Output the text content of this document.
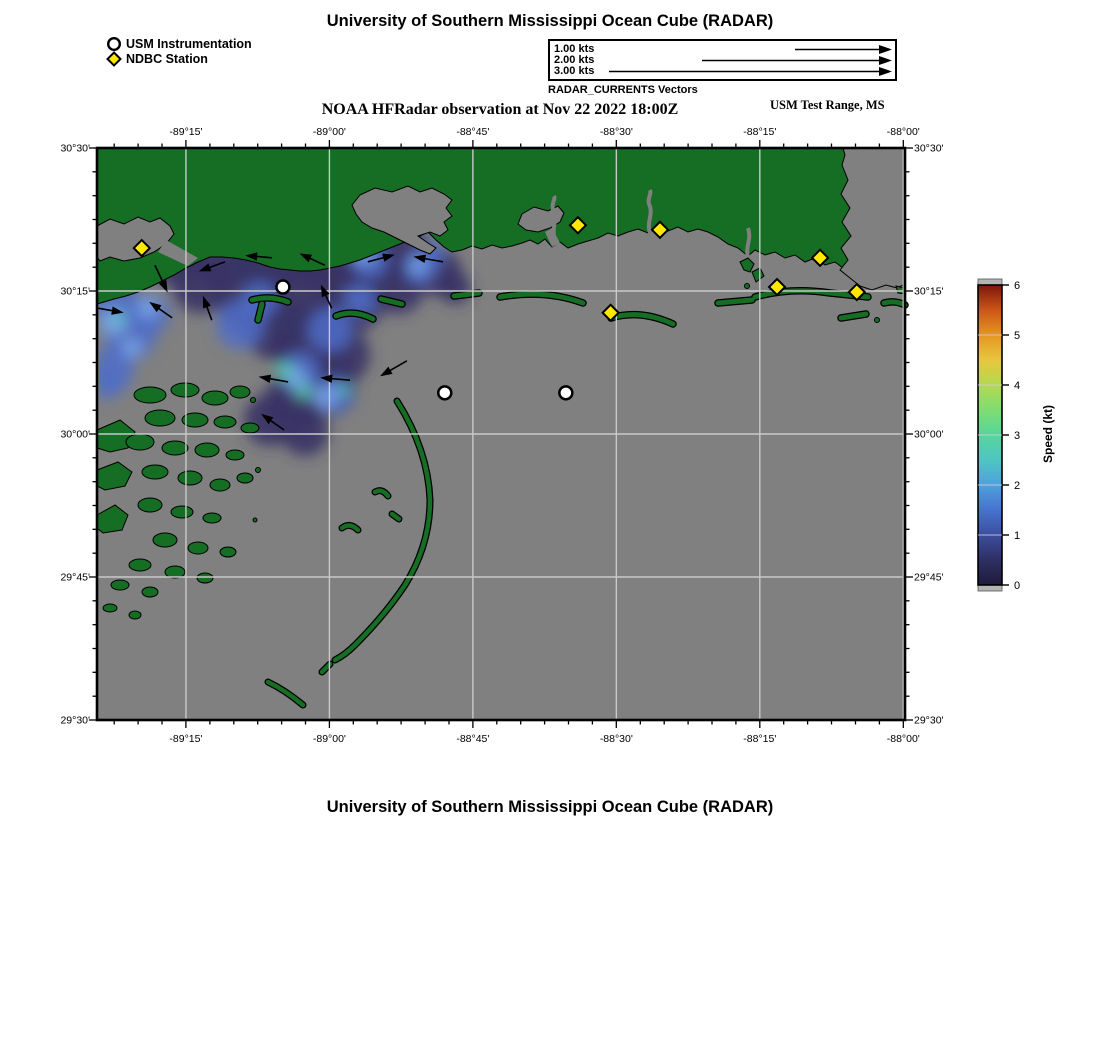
University of Southern Mississippi Ocean Cube (RADAR)
USM Instrumentation
NDBC Station
1.00 kts
2.00 kts
3.00 kts
RADAR_CURRENTS Vectors
NOAA HFRadar observation at Nov 22 2022 18:00Z	USM Test Range, MS
-89°15'
-89°15'
-89°00'
-89°00'
-88°45'
-88°45'
-88°30'
-88°30'
-88°15'
-88°15'
-88°00'
-88°00'
30°30'	30°30'
30°15'	30°15'
30°00'	30°00'
29°45'	29°45'
29°30'	29°30'
0
1
2
3
4
5
6
Speed (kt)
University of Southern Mississippi Ocean Cube (RADAR)
